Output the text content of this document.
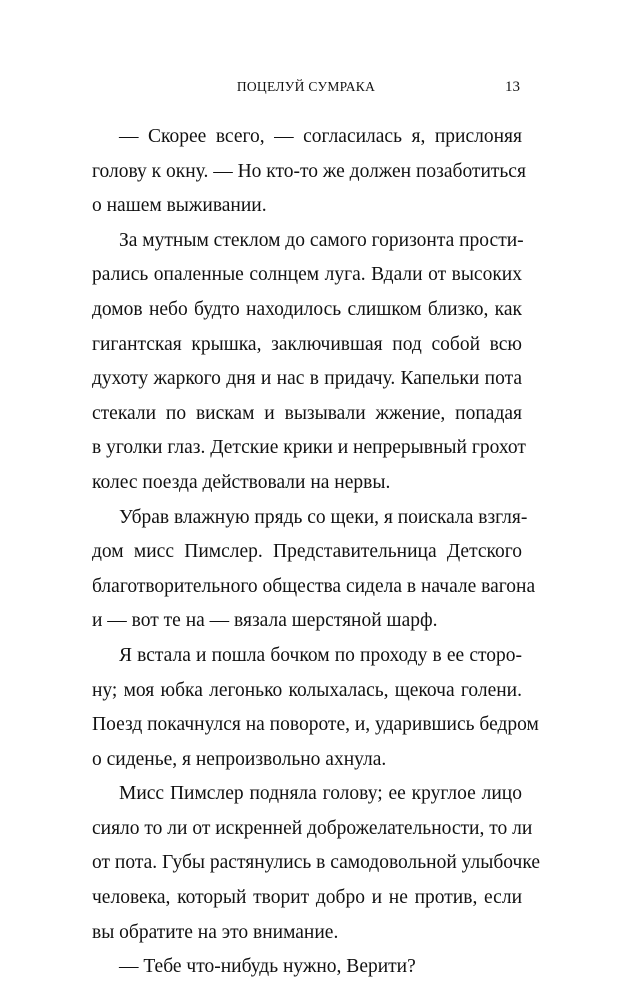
ПОЦЕЛУЙ СУМРАКА	13
— Скорее всего, — согласилась я, прислоняя
голову к окну. — Но кто-то же должен позаботиться
о нашем выживании.
За мутным стеклом до самого горизонта прости-
рались опаленные солнцем луга. Вдали от высоких
домов небо будто находилось слишком близко, как
гигантская крышка, заключившая под собой всю
духоту жаркого дня и нас в придачу. Капельки пота
стекали по вискам и вызывали жжение, попадая
в уголки глаз. Детские крики и непрерывный грохот
колес поезда действовали на нервы.
Убрав влажную прядь со щеки, я поискала взгля-
дом мисс Пимслер. Представительница Детского
благотворительного общества сидела в начале вагона
и — вот те на — вязала шерстяной шарф.
Я встала и пошла бочком по проходу в ее сторо-
ну; моя юбка легонько колыхалась, щекоча голени.
Поезд покачнулся на повороте, и, ударившись бедром
о сиденье, я непроизвольно ахнула.
Мисс Пимслер подняла голову; ее круглое лицо
сияло то ли от искренней доброжелательности, то ли
от пота. Губы растянулись в самодовольной улыбочке
человека, который творит добро и не против, если
вы обратите на это внимание.
— Тебе что-нибудь нужно, Верити?
